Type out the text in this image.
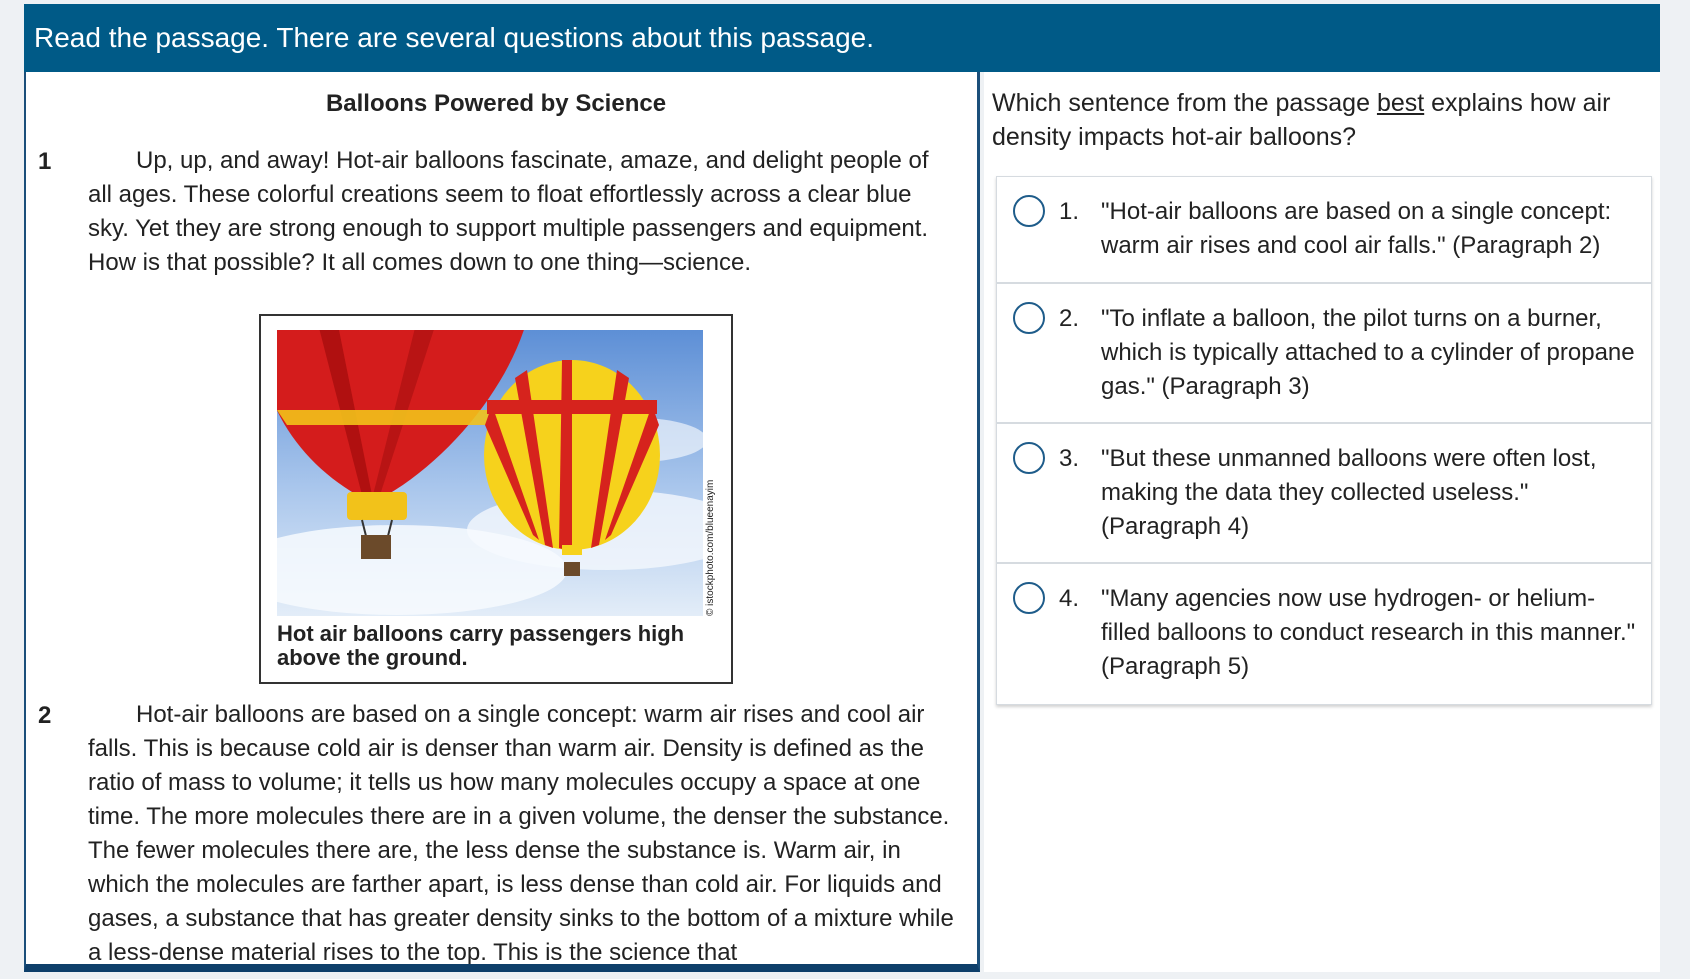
Read the passage. There are several questions about this passage.
Balloons Powered by Science
1	Up, up, and away! Hot-air balloons fascinate, amaze, and delight people of all ages. These colorful creations seem to float effortlessly across a clear blue sky. Yet they are strong enough to support multiple passengers and equipment. How is that possible? It all comes down to one thing—science.
© istockphoto.com/blueenayim
Hot air balloons carry passengers high above the ground.
2	Hot-air balloons are based on a single concept: warm air rises and cool air falls. This is because cold air is denser than warm air. Density is defined as the ratio of mass to volume; it tells us how many molecules occupy a space at one time. The more molecules there are in a given volume, the denser the substance. The fewer molecules there are, the less dense the substance is. Warm air, in which the molecules are farther apart, is less dense than cold air. For liquids and gases, a substance that has greater density sinks to the bottom of a mixture while a less-dense material rises to the top. This is the science that
Which sentence from the passage best explains how air density impacts hot-air balloons?
1. "Hot-air balloons are based on a single concept: warm air rises and cool air falls." (Paragraph 2)
2. "To inflate a balloon, the pilot turns on a burner, which is typically attached to a cylinder of propane gas." (Paragraph 3)
3. "But these unmanned balloons were often lost, making the data they collected useless." (Paragraph 4)
4. "Many agencies now use hydrogen- or helium-filled balloons to conduct research in this manner." (Paragraph 5)
